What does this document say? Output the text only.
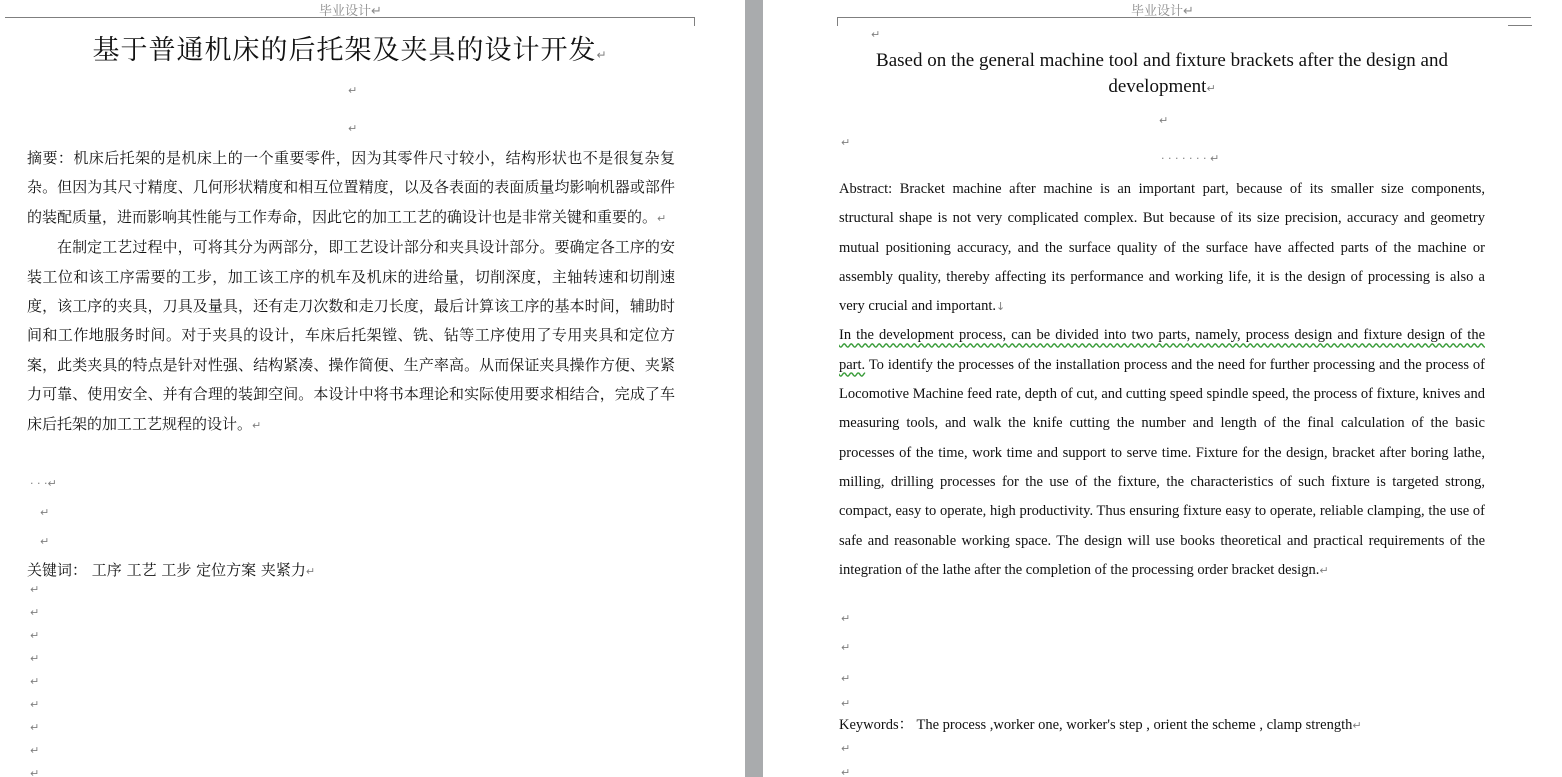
毕业设计↵
基于普通机床的后托架及夹具的设计开发↵
↵
↵

摘要：机床后托架的是机床上的一个重要零件，因为其零件尺寸较小，结构形状也不是很复杂复杂。但因为其尺寸精度、几何形状精度和相互位置精度，以及各表面的表面质量均影响机器或部件的装配质量，进而影响其性能与工作寿命，因此它的加工工艺的确设计也是非常关键和重要的。↵

在制定工艺过程中，可将其分为两部分，即工艺设计部分和夹具设计部分。要确定各工序的安装工位和该工序需要的工步，加工该工序的机车及机床的进给量，切削深度，主轴转速和切削速度，该工序的夹具，刀具及量具，还有走刀次数和走刀长度，最后计算该工序的基本时间，辅助时间和工作地服务时间。对于夹具的设计，车床后托架镗、铣、钻等工序使用了专用夹具和定位方案，此类夹具的特点是针对性强、结构紧凑、操作简便、生产率高。从而保证夹具操作方便、夹紧力可靠、使用安全、并有合理的装卸空间。本设计中将书本理论和实际使用要求相结合，完成了车床后托架的加工工艺规程的设计。↵

· · ·↵
↵
↵
关键词： 工序 工艺 工步 定位方案 夹紧力↵
↵
↵
↵
↵
↵
↵
↵
↵
↵
毕业设计↵
↵
Based on the general machine tool and fixture brackets after the design and development↵
↵
↵
· · · · · · · ↵

Abstract: Bracket machine after machine is an important part, because of its smaller size components, structural shape is not very complicated complex. But because of its size precision, accuracy and geometry mutual positioning accuracy, and the surface quality of the surface have affected parts of the machine or assembly quality, thereby affecting its performance and working life, it is the design of processing is also a very crucial and important.↓

In the development process, can be divided into two parts, namely, process design and fixture design of the part. To identify the processes of the installation process and the need for further processing and the process of Locomotive Machine feed rate, depth of cut, and cutting speed spindle speed, the process of fixture, knives and measuring tools, and walk the knife cutting the number and length of the final calculation of the basic processes of the time, work time and support to serve time. Fixture for the design, bracket after boring lathe, milling, drilling processes for the use of the fixture, the characteristics of such fixture is targeted strong, compact, easy to operate, high productivity. Thus ensuring fixture easy to operate, reliable clamping, the use of safe and reasonable working space. The design will use books theoretical and practical requirements of the integration of the lathe after the completion of the processing order bracket design.↵

↵
↵
↵
↵
Keywords： The process ,worker one, worker's step , orient the scheme , clamp strength↵
↵
↵
